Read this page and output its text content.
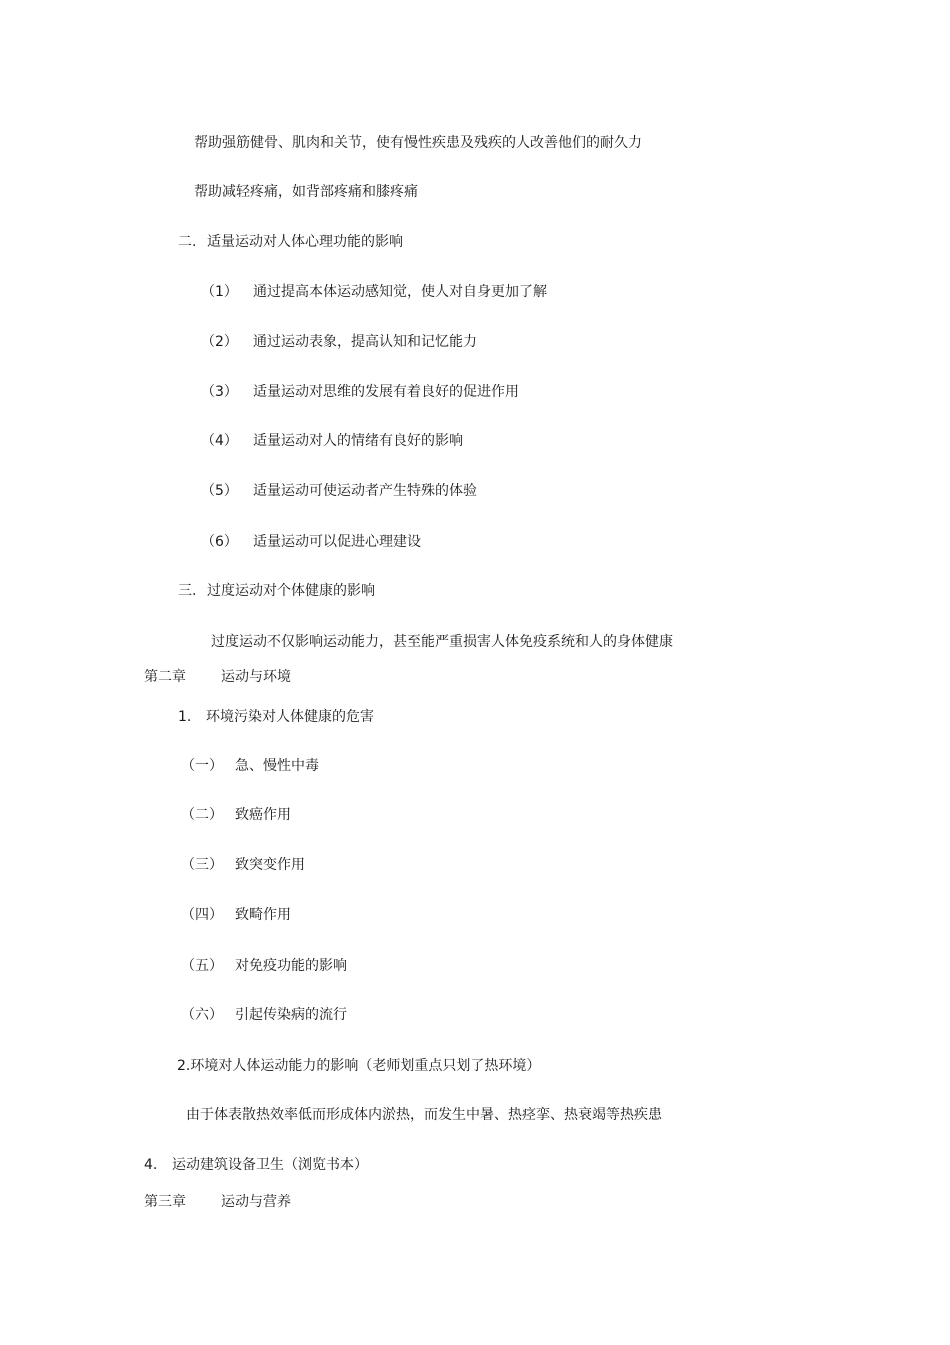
帮助强筋健骨、肌肉和关节，使有慢性疾患及残疾的人改善他们的耐久力
帮助减轻疼痛，如背部疼痛和膝疼痛
二. 适量运动对人体心理功能的影响
（1） 通过提高本体运动感知觉，使人对自身更加了解
（2） 通过运动表象，提高认知和记忆能力
（3） 适量运动对思维的发展有着良好的促进作用
（4） 适量运动对人的情绪有良好的影响
（5） 适量运动可使运动者产生特殊的体验
（6） 适量运动可以促进心理建设
三. 过度运动对个体健康的影响
过度运动不仅影响运动能力，甚至能严重损害人体免疫系统和人的身体健康
第二章	运动与环境
1. 环境污染对人体健康的危害
（一） 急、慢性中毒
（二） 致癌作用
（三） 致突变作用
（四） 致畸作用
（五） 对免疫功能的影响
（六） 引起传染病的流行
2.环境对人体运动能力的影响（老师划重点只划了热环境）
由于体表散热效率低而形成体内淤热，而发生中暑、热痉挛、热衰竭等热疾患
4. 运动建筑设备卫生（浏览书本）
第三章	运动与营养
